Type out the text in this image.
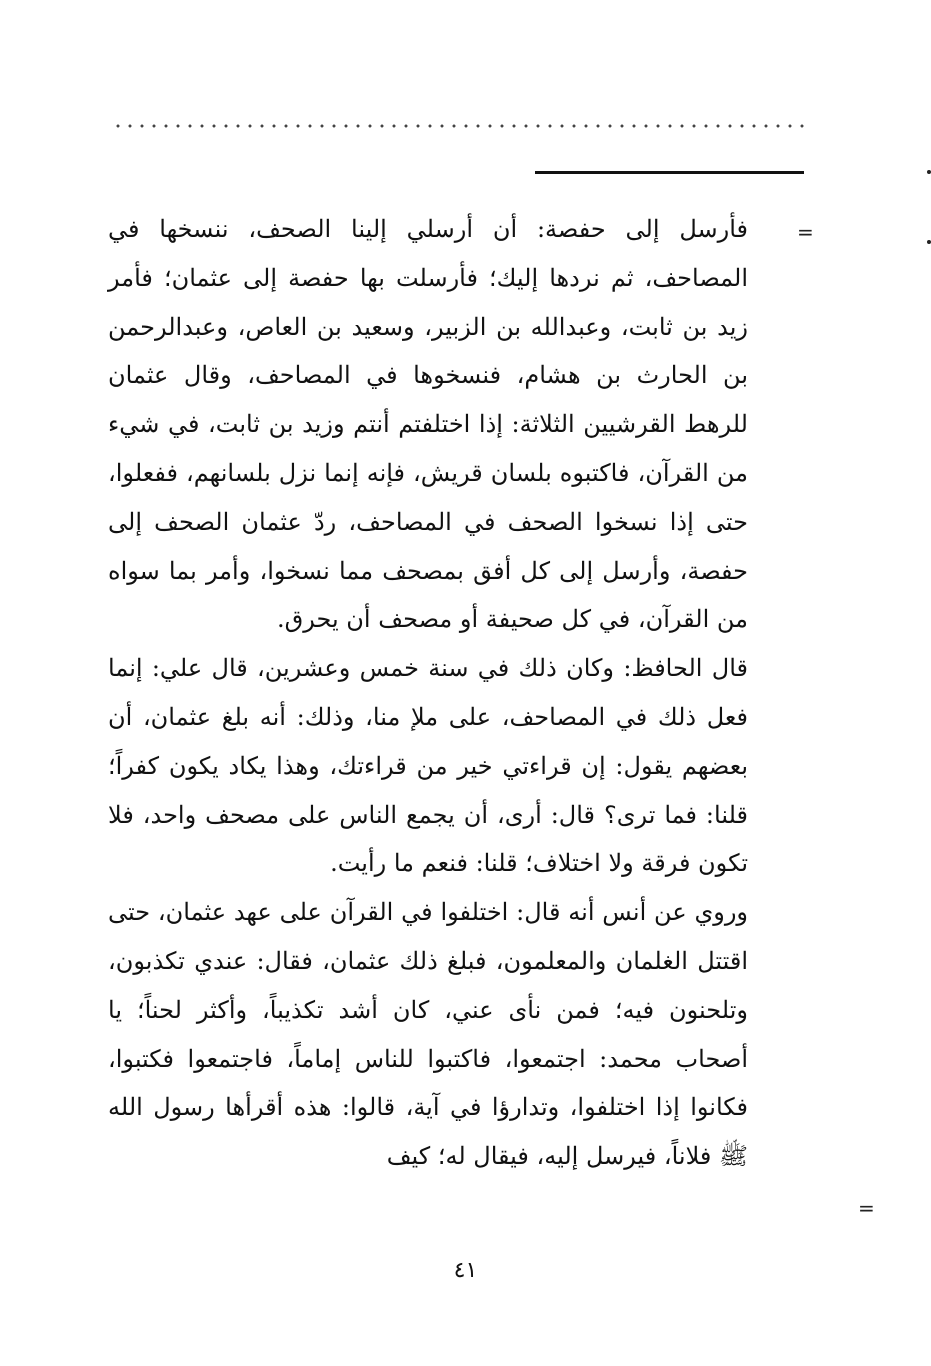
=
=

فأرسل إلى حفصة: أن أرسلي إلينا الصحف، ننسخها في المصاحف، ثم نردها إليك؛ فأرسلت بها حفصة إلى عثمان؛ فأمر زيد بن ثابت، وعبدالله بن الزبير، وسعيد بن العاص، وعبدالرحمن بن الحارث بن هشام، فنسخوها في المصاحف، وقال عثمان للرهط القرشيين الثلاثة: إذا اختلفتم أنتم وزيد بن ثابت، في شيء من القرآن، فاكتبوه بلسان قريش، فإنه إنما نزل بلسانهم، ففعلوا، حتى إذا نسخوا الصحف في المصاحف، ردّ عثمان الصحف إلى حفصة، وأرسل إلى كل أفق بمصحف مما نسخوا، وأمر بما سواه من القرآن، في كل صحيفة أو مصحف أن يحرق.

قال الحافظ: وكان ذلك في سنة خمس وعشرين، قال علي: إنما فعل ذلك في المصاحف، على ملإ منا، وذلك: أنه بلغ عثمان، أن بعضهم يقول: إن قراءتي خير من قراءتك، وهذا يكاد يكون كفراً؛ قلنا: فما ترى؟ قال: أرى، أن يجمع الناس على مصحف واحد، فلا تكون فرقة ولا اختلاف؛ قلنا: فنعم ما رأيت.

وروي عن أنس أنه قال: اختلفوا في القرآن على عهد عثمان، حتى اقتتل الغلمان والمعلمون، فبلغ ذلك عثمان، فقال: عندي تكذبون، وتلحنون فيه؛ فمن نأى عني، كان أشد تكذيباً، وأكثر لحناً؛ يا أصحاب محمد: اجتمعوا، فاكتبوا للناس إماماً، فاجتمعوا فكتبوا، فكانوا إذا اختلفوا، وتدارؤا في آية، قالوا: هذه أقرأها رسول الله ﷺ فلاناً، فيرسل إليه، فيقال له؛ كيف

٤١
